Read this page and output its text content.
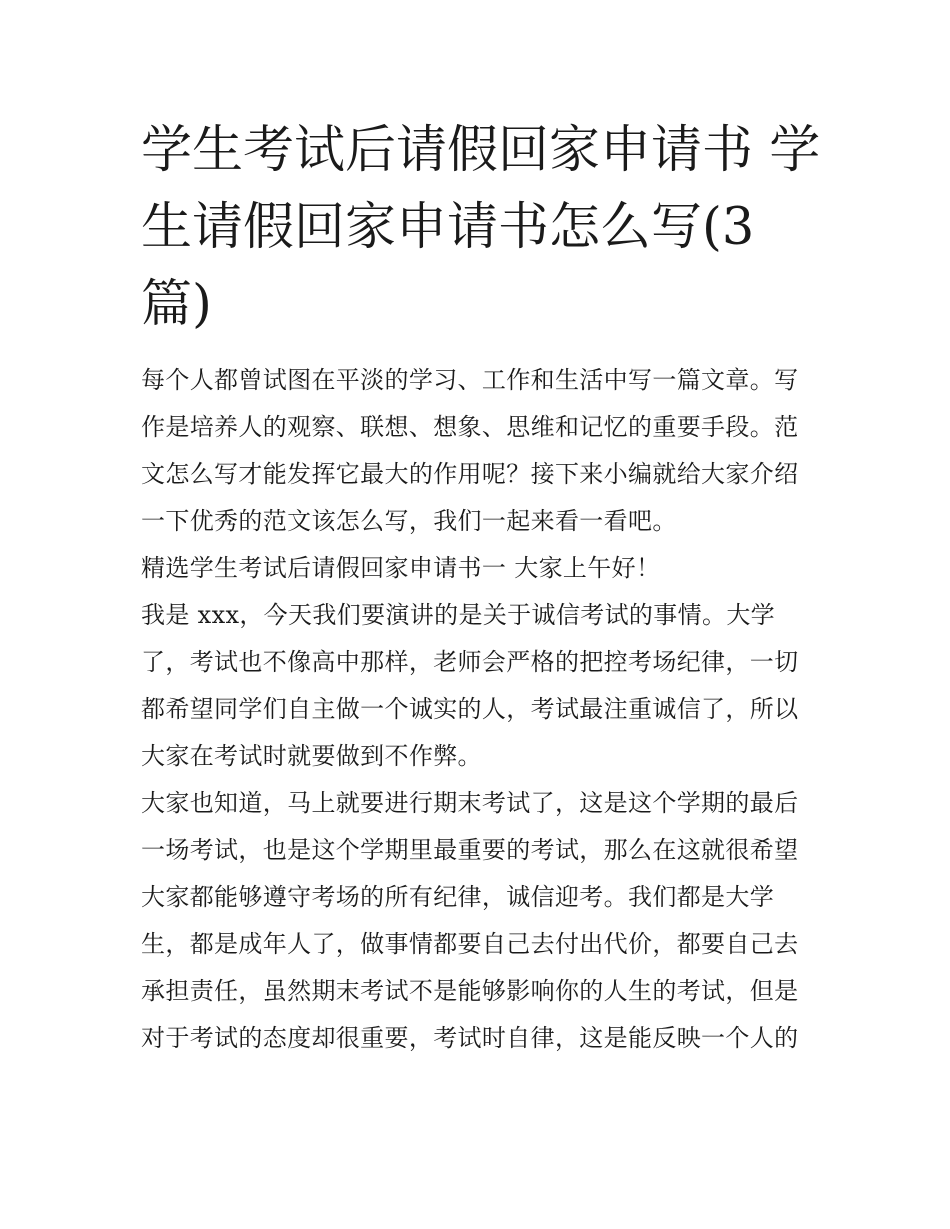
学生考试后请假回家申请书 学
生请假回家申请书怎么写(3
篇)
每个人都曾试图在平淡的学习、工作和生活中写一篇文章。写
作是培养人的观察、联想、想象、思维和记忆的重要手段。范
文怎么写才能发挥它最大的作用呢？接下来小编就给大家介绍
一下优秀的范文该怎么写，我们一起来看一看吧。
精选学生考试后请假回家申请书一 大家上午好！
我是 xxx，今天我们要演讲的是关于诚信考试的事情。大学
了，考试也不像高中那样，老师会严格的把控考场纪律，一切
都希望同学们自主做一个诚实的人，考试最注重诚信了，所以
大家在考试时就要做到不作弊。
大家也知道，马上就要进行期末考试了，这是这个学期的最后
一场考试，也是这个学期里最重要的考试，那么在这就很希望
大家都能够遵守考场的所有纪律，诚信迎考。我们都是大学
生，都是成年人了，做事情都要自己去付出代价，都要自己去
承担责任，虽然期末考试不是能够影响你的人生的考试，但是
对于考试的态度却很重要，考试时自律，这是能反映一个人的
